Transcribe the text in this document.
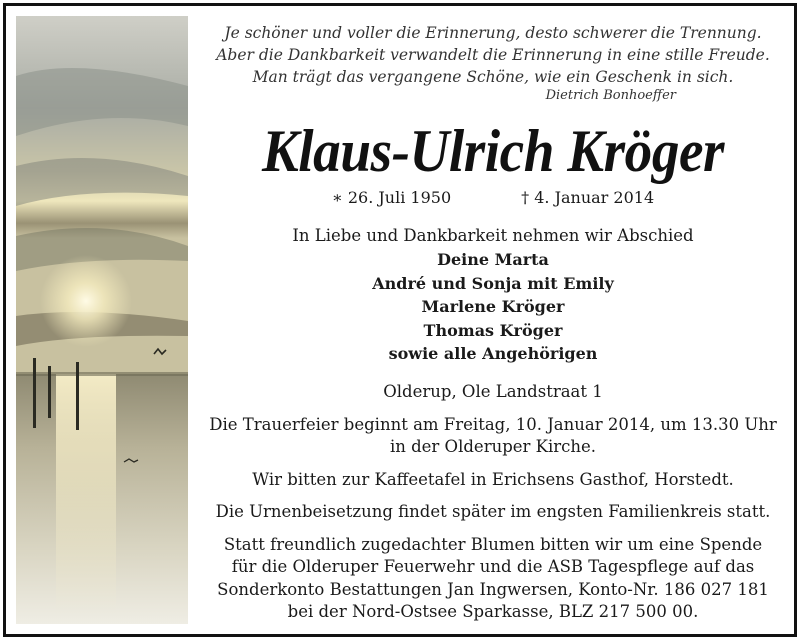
Je schöner und voller die Erinnerung, desto schwerer die Trennung.
Aber die Dankbarkeit verwandelt die Erinnerung in eine stille Freude.
Man trägt das vergangene Schöne, wie ein Geschenk in sich.
Dietrich Bonhoeffer
Klaus-Ulrich Kröger
∗ 26. Juli 1950	† 4. Januar 2014
In Liebe und Dankbarkeit nehmen wir Abschied
Deine Marta
André und Sonja mit Emily
Marlene Kröger
Thomas Kröger
sowie alle Angehörigen
Olderup, Ole Landstraat 1
Die Trauerfeier beginnt am Freitag, 10. Januar 2014, um 13.30 Uhr
in der Olderuper Kirche.
Wir bitten zur Kaffeetafel in Erichsens Gasthof, Horstedt.
Die Urnenbeisetzung findet später im engsten Familienkreis statt.
Statt freundlich zugedachter Blumen bitten wir um eine Spende
für die Olderuper Feuerwehr und die ASB Tagespflege auf das
Sonderkonto Bestattungen Jan Ingwersen, Konto-Nr. 186 027 181
bei der Nord-Ostsee Sparkasse, BLZ 217 500 00.
